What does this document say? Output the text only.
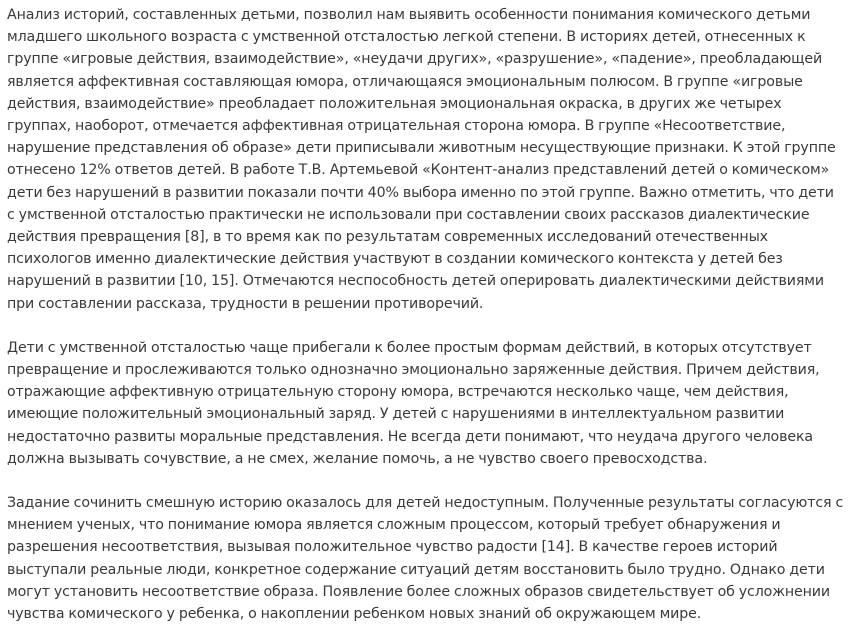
Анализ историй, составленных детьми, позволил нам выявить особенности понимания комического детьми младшего школьного возраста с умственной отсталостью легкой степени. В историях детей, отнесенных к группе «игровые действия, взаимодействие», «неудачи других», «разрушение», «падение», преобладающей является аффективная составляющая юмора, отличающаяся эмоциональным полюсом. В группе «игровые действия, взаимодействие» преобладает положительная эмоциональная окраска, в других же четырех группах, наоборот, отмечается аффективная отрицательная сторона юмора. В группе «Несоответствие, нарушение представления об образе» дети приписывали животным несуществующие признаки. К этой группе отнесено 12% ответов детей. В работе Т.В. Артемьевой «Контент-анализ представлений детей о комическом» дети без нарушений в развитии показали почти 40% выбора именно по этой группе. Важно отметить, что дети с умственной отсталостью практически не использовали при составлении своих рассказов диалектические действия превращения [8], в то время как по результатам современных исследований отечественных психологов именно диалектические действия участвуют в создании комического контекста у детей без нарушений в развитии [10, 15]. Отмечаются неспособность детей оперировать диалектическими действиями при составлении рассказа, трудности в решении противоречий.

Дети с умственной отсталостью чаще прибегали к более простым формам действий, в которых отсутствует превращение и прослеживаются только однозначно эмоционально заряженные действия. Причем действия, отражающие аффективную отрицательную сторону юмора, встречаются несколько чаще, чем действия, имеющие положительный эмоциональный заряд. У детей с нарушениями в интеллектуальном развитии недостаточно развиты моральные представления. Не всегда дети понимают, что неудача другого человека должна вызывать сочувствие, а не смех, желание помочь, а не чувство своего превосходства.

Задание сочинить смешную историю оказалось для детей недоступным. Полученные результаты согласуются с мнением ученых, что понимание юмора является сложным процессом, который требует обнаружения и разрешения несоответствия, вызывая положительное чувство радости [14]. В качестве героев историй выступали реальные люди, конкретное содержание ситуаций детям восстановить было трудно. Однако дети могут установить несоответствие образа. Появление более сложных образов свидетельствует об усложнении чувства комического у ребенка, о накоплении ребенком новых знаний об окружающем мире.
